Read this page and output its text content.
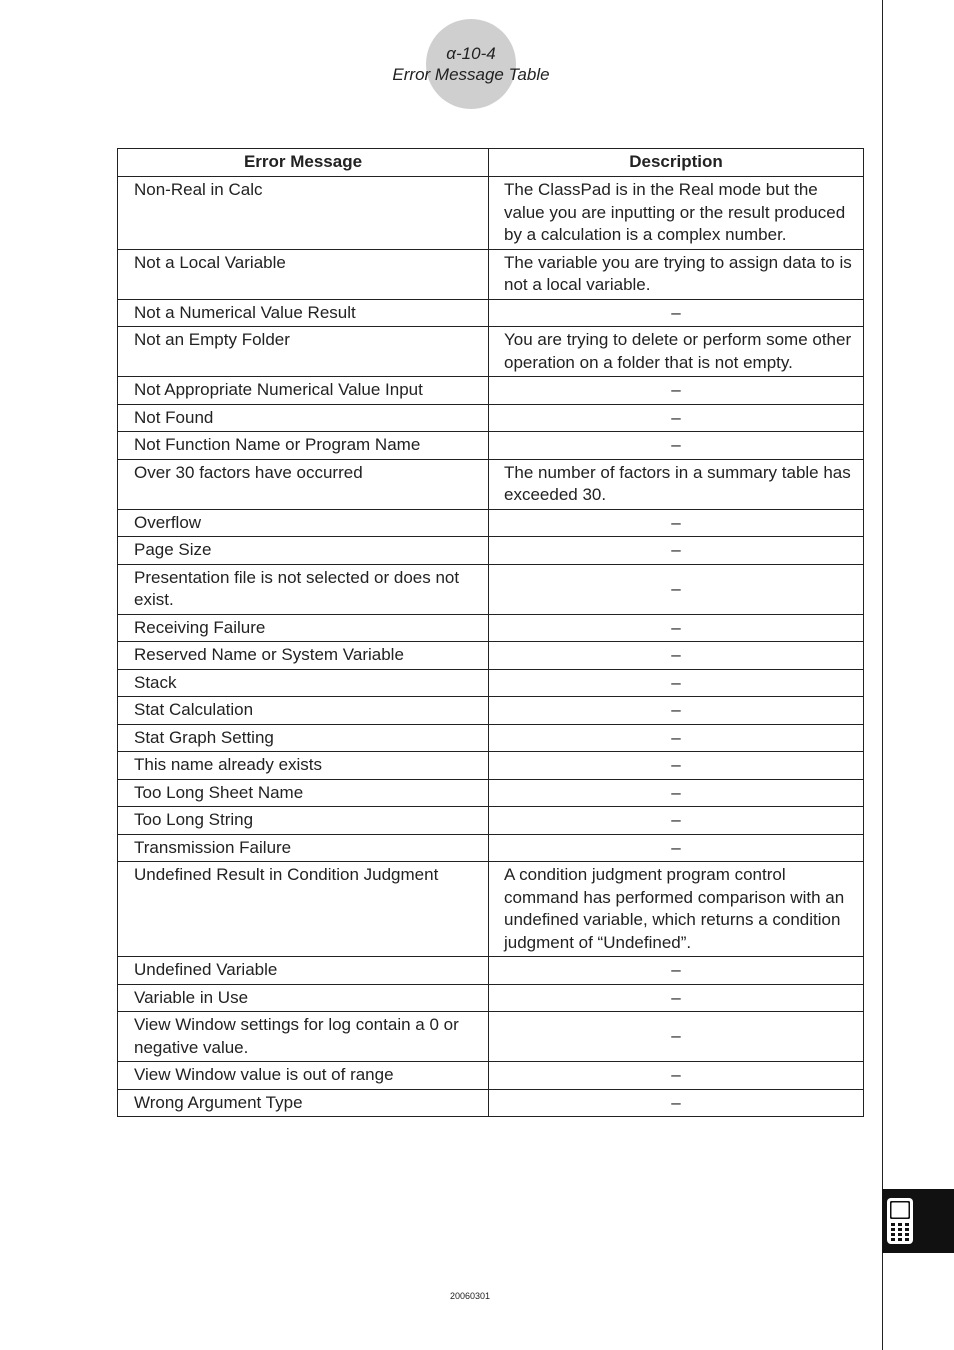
α-10-4
Error Message Table
Error Message	Description
Non-Real in Calc	The ClassPad is in the Real mode but the value you are inputting or the result produced by a calculation is a complex number.
Not a Local Variable	The variable you are trying to assign data to is not a local variable.
Not a Numerical Value Result	–
Not an Empty Folder	You are trying to delete or perform some other operation on a folder that is not empty.
Not Appropriate Numerical Value Input	–
Not Found	–
Not Function Name or Program Name	–
Over 30 factors have occurred	The number of factors in a summary table has exceeded 30.
Overflow	–
Page Size	–
Presentation file is not selected or does not exist.	–
Receiving Failure	–
Reserved Name or System Variable	–
Stack	–
Stat Calculation	–
Stat Graph Setting	–
This name already exists	–
Too Long Sheet Name	–
Too Long String	–
Transmission Failure	–
Undefined Result in Condition Judgment	A condition judgment program control command has performed comparison with an undefined variable, which returns a condition judgment of “Undefined”.
Undefined Variable	–
Variable in Use	–
View Window settings for log contain a 0 or negative value.	–
View Window value is out of range	–
Wrong Argument Type	–
20060301
